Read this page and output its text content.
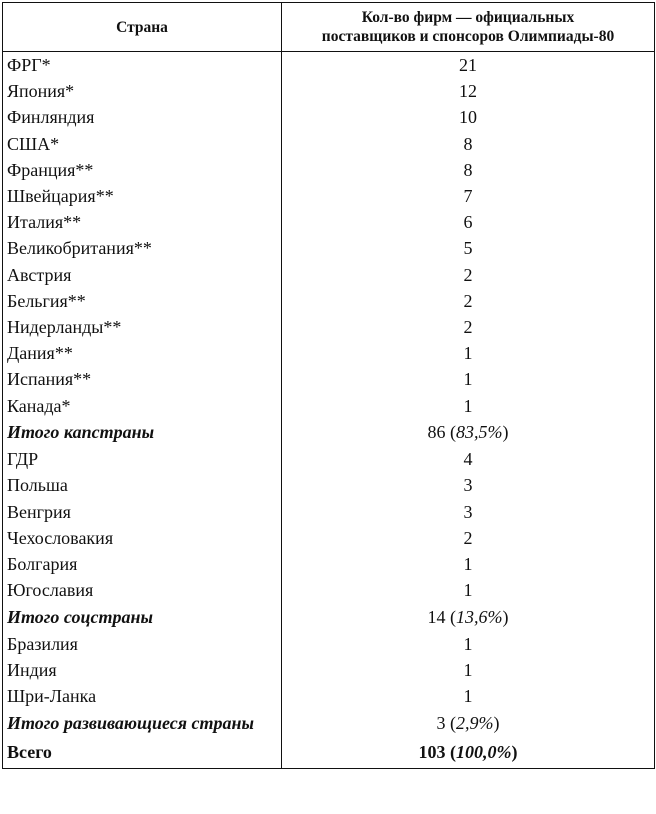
Страна	Кол-во фирм — официальных
поставщиков и спонсоров Олимпиады-80

ФРГ*	21
Япония*	12
Финляндия	10
США*	8
Франция**	8
Швейцария**	7
Италия**	6
Великобритания**	5
Австрия	2
Бельгия**	2
Нидерланды**	2
Дания**	1
Испания**	1
Канада*	1
Итого капстраны	86 (83,5%)
ГДР	4
Польша	3
Венгрия	3
Чехословакия	2
Болгария	1
Югославия	1
Итого соцстраны	14 (13,6%)
Бразилия	1
Индия	1
Шри-Ланка	1
Итого развивающиеся страны	3 (2,9%)
Всего	103 (100,0%)
